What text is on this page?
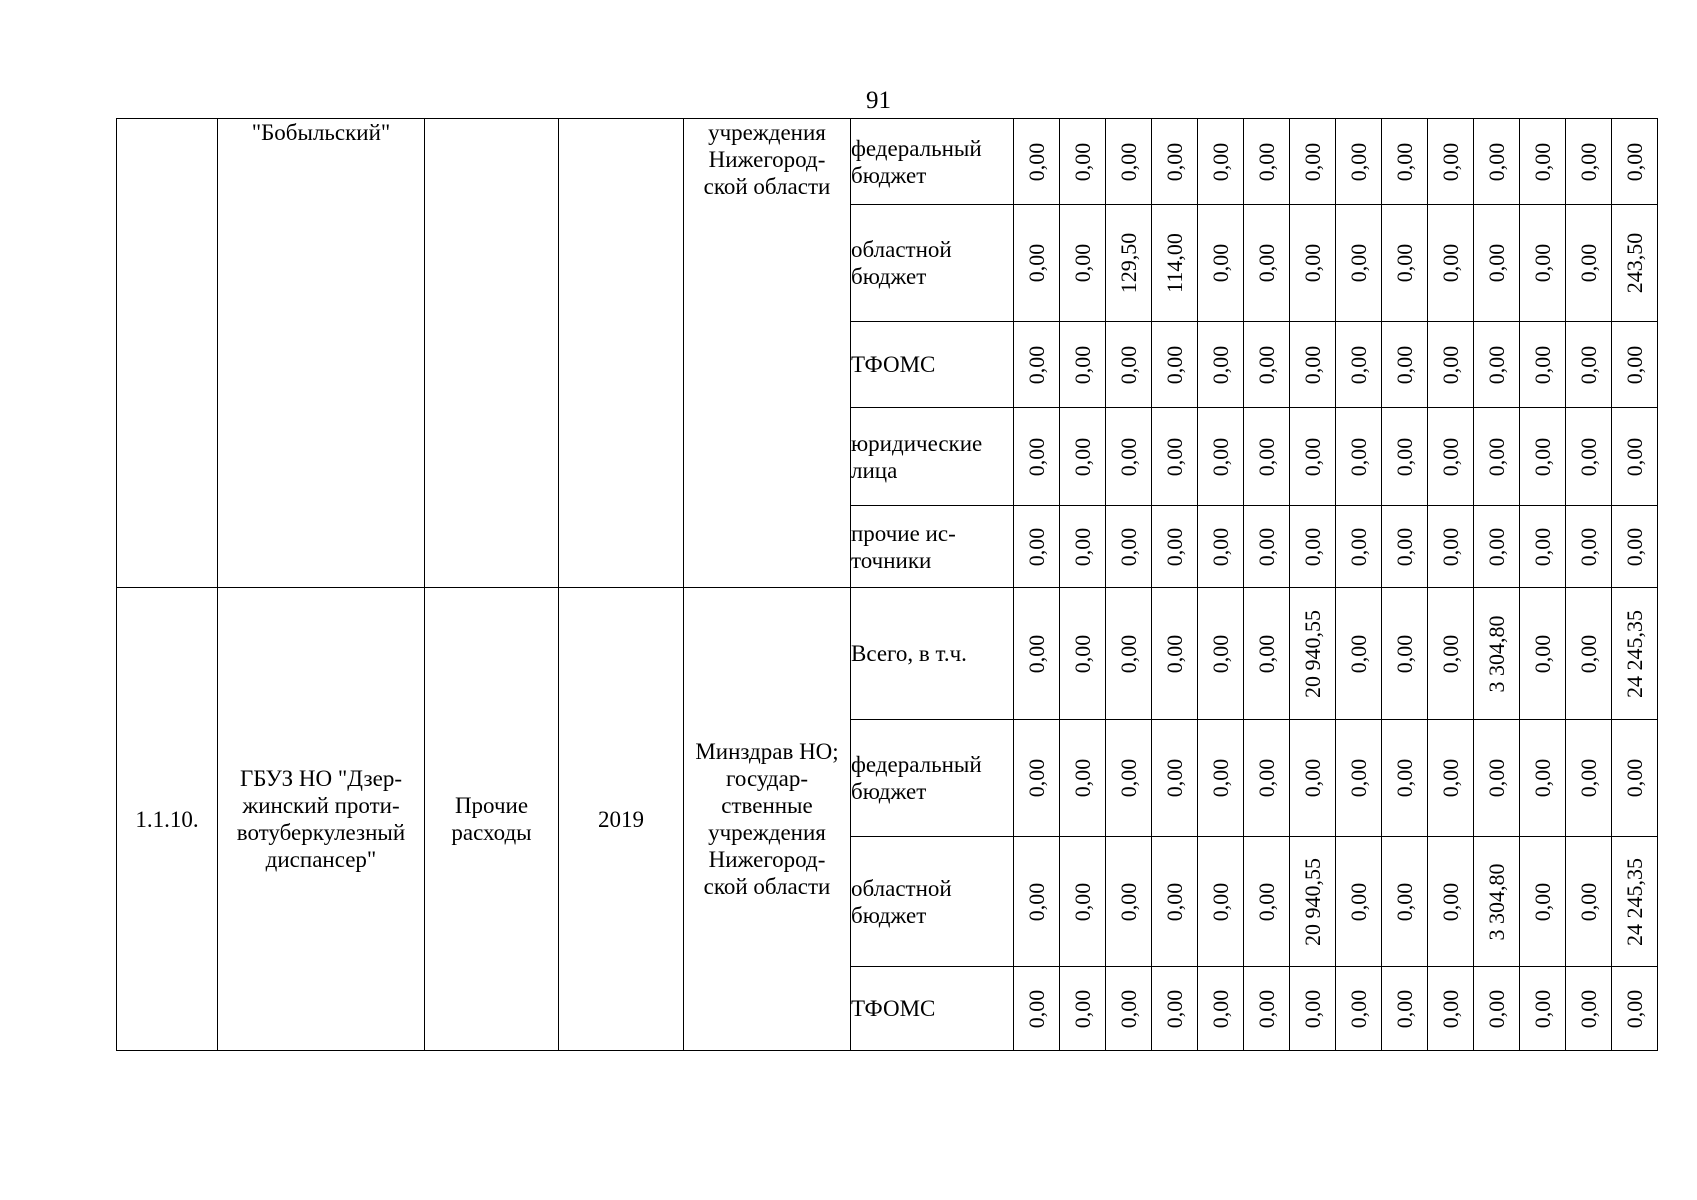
91
	"Бобыльский"			учреждения Нижегород-ской области	федеральный бюджет	0,00	0,00	0,00	0,00	0,00	0,00	0,00	0,00	0,00	0,00	0,00	0,00	0,00	0,00

					областной бюджет	0,00	0,00	129,50	114,00	0,00	0,00	0,00	0,00	0,00	0,00	0,00	0,00	0,00	243,50

					ТФОМС	0,00	0,00	0,00	0,00	0,00	0,00	0,00	0,00	0,00	0,00	0,00	0,00	0,00	0,00

					юридические лица	0,00	0,00	0,00	0,00	0,00	0,00	0,00	0,00	0,00	0,00	0,00	0,00	0,00	0,00

					прочие ис-точники	0,00	0,00	0,00	0,00	0,00	0,00	0,00	0,00	0,00	0,00	0,00	0,00	0,00	0,00

1.1.10.	ГБУЗ НО "Дзер-жинский проти-вотуберкулезный диспансер"	Прочие расходы	2019	Минздрав НО; государ-ственные учреждения Нижегород-ской области	Всего, в т.ч.	0,00	0,00	0,00	0,00	0,00	0,00	20 940,55	0,00	0,00	0,00	3 304,80	0,00	0,00	24 245,35

					федеральный бюджет	0,00	0,00	0,00	0,00	0,00	0,00	0,00	0,00	0,00	0,00	0,00	0,00	0,00	0,00

					областной бюджет	0,00	0,00	0,00	0,00	0,00	0,00	20 940,55	0,00	0,00	0,00	3 304,80	0,00	0,00	24 245,35

					ТФОМС	0,00	0,00	0,00	0,00	0,00	0,00	0,00	0,00	0,00	0,00	0,00	0,00	0,00	0,00
